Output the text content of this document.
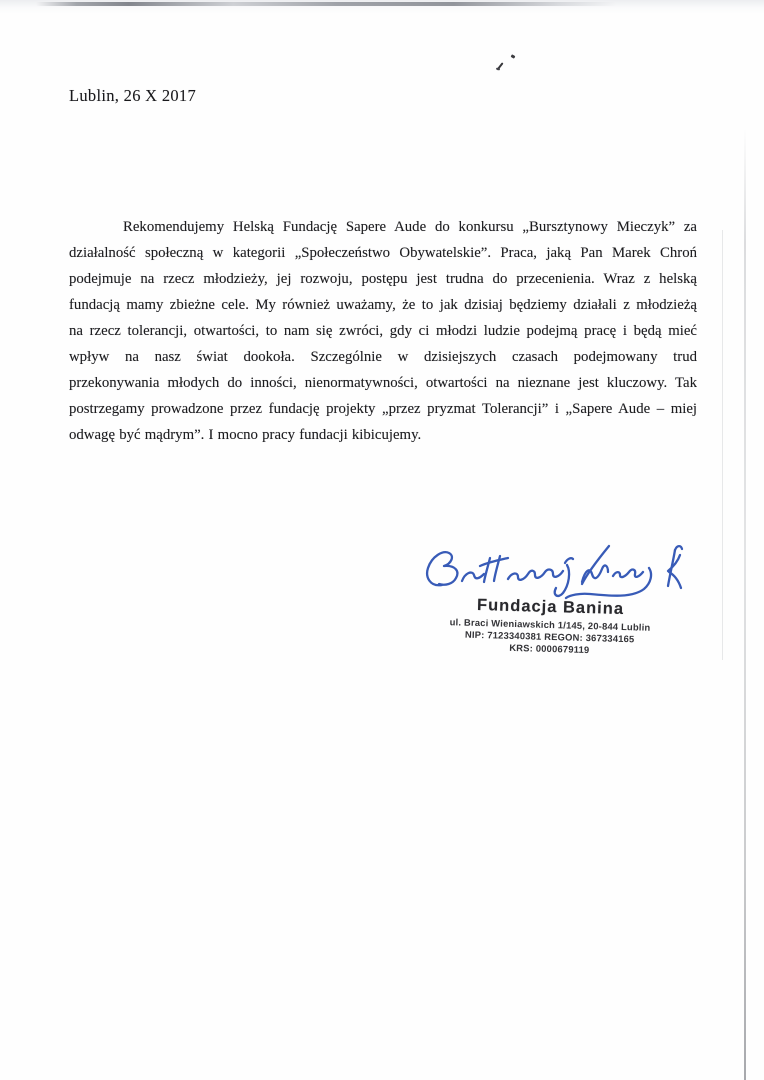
Lublin, 26 X 2017
Rekomendujemy Helską Fundację Sapere Aude do konkursu „Bursztynowy Mieczyk” za
działalność społeczną w kategorii „Społeczeństwo Obywatelskie”. Praca, jaką Pan Marek Chroń
podejmuje na rzecz młodzieży, jej rozwoju, postępu jest trudna do przecenienia. Wraz z helską
fundacją mamy zbieżne cele. My również uważamy, że to jak dzisiaj będziemy działali z młodzieżą
na rzecz tolerancji, otwartości, to nam się zwróci, gdy ci młodzi ludzie podejmą pracę i będą mieć
wpływ na nasz świat dookoła. Szczególnie w dzisiejszych czasach podejmowany trud
przekonywania młodych do inności, nienormatywności, otwartości na nieznane jest kluczowy. Tak
postrzegamy prowadzone przez fundację projekty „przez pryzmat Tolerancji” i „Sapere Aude – miej
odwagę być mądrym”. I mocno pracy fundacji kibicujemy.
Fundacja Banina
ul. Braci Wieniawskich 1/145, 20-844 Lublin
NIP: 7123340381 REGON: 367334165
KRS: 0000679119
